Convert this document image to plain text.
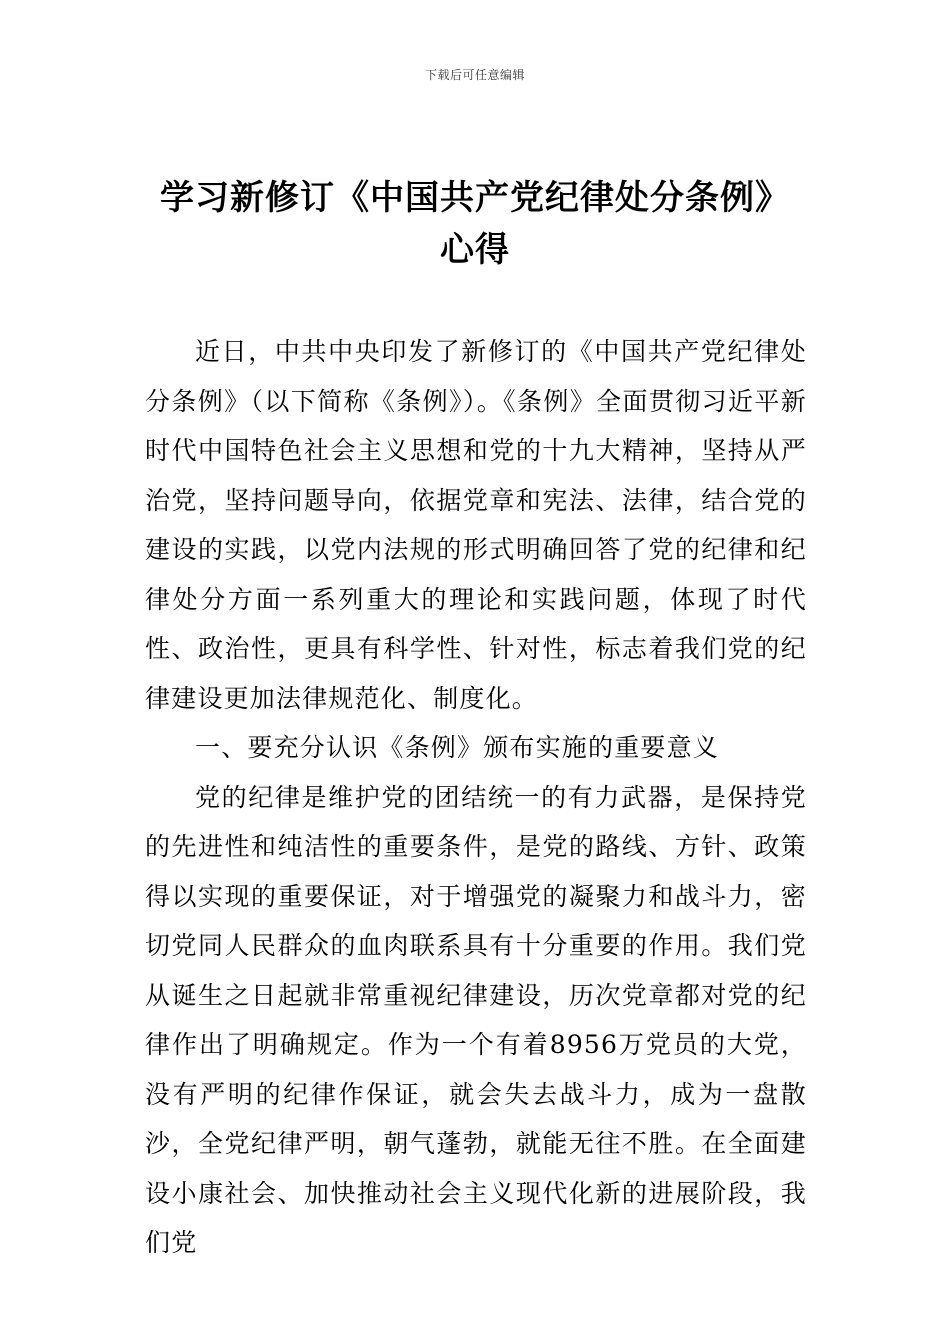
下载后可任意编辑
学习新修订《中国共产党纪律处分条例》
心得

近日，中共中央印发了新修订的《中国共产党纪律处分条例》（以下简称《条例》）。《条例》全面贯彻习近平新时代中国特色社会主义思想和党的十九大精神，坚持从严治党，坚持问题导向，依据党章和宪法、法律，结合党的建设的实践，以党内法规的形式明确回答了党的纪律和纪律处分方面一系列重大的理论和实践问题，体现了时代性、政治性，更具有科学性、针对性，标志着我们党的纪律建设更加法律规范化、制度化。

一、要充分认识《条例》颁布实施的重要意义

党的纪律是维护党的团结统一的有力武器，是保持党的先进性和纯洁性的重要条件，是党的路线、方针、政策得以实现的重要保证，对于增强党的凝聚力和战斗力，密切党同人民群众的血肉联系具有十分重要的作用。我们党从诞生之日起就非常重视纪律建设，历次党章都对党的纪律作出了明确规定。作为一个有着8956万党员的大党，没有严明的纪律作保证，就会失去战斗力，成为一盘散沙，全党纪律严明，朝气蓬勃，就能无往不胜。在全面建设小康社会、加快推动社会主义现代化新的进展阶段，我们党
